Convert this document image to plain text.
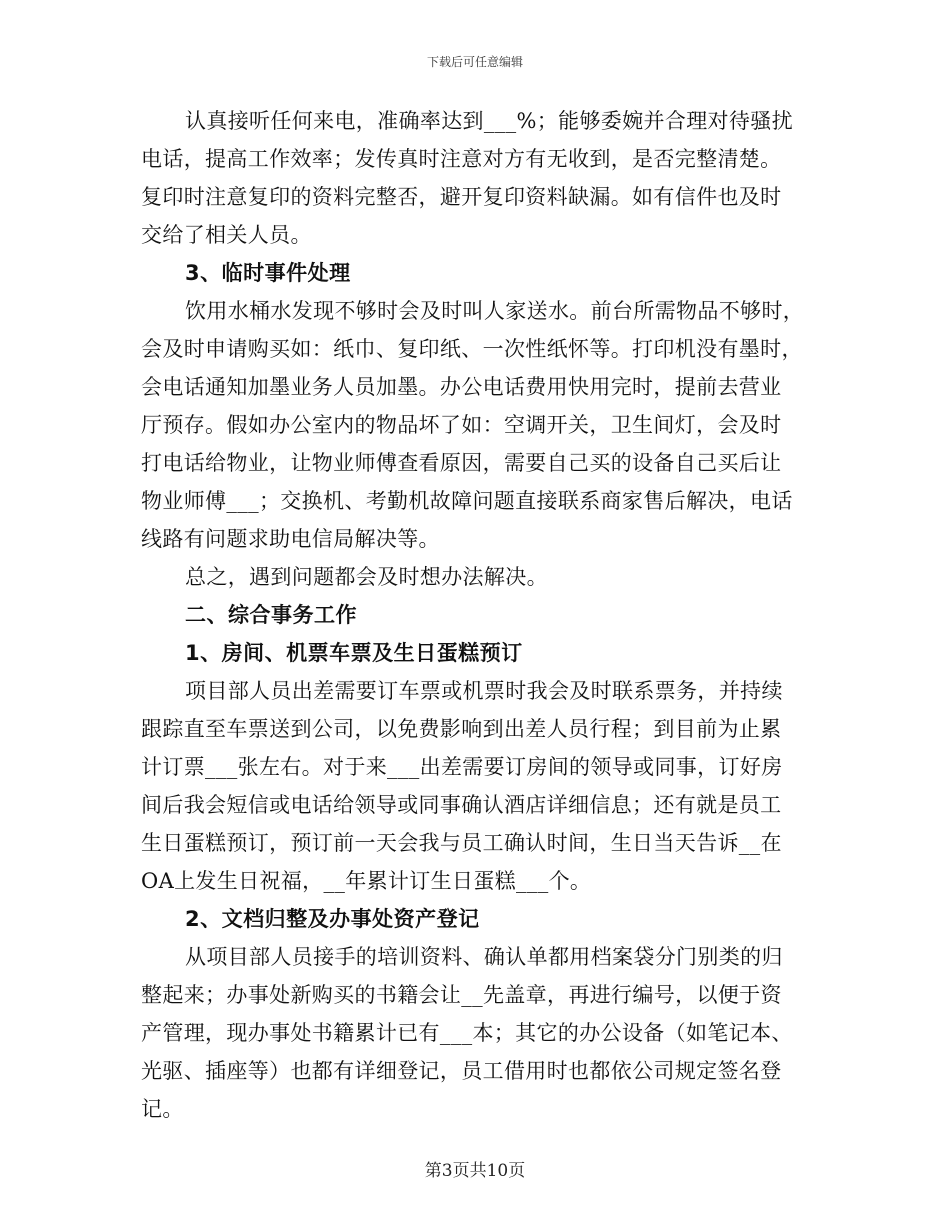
下载后可任意编辑
认真接听任何来电，准确率达到___%；能够委婉并合理对待骚扰
电话，提高工作效率；发传真时注意对方有无收到，是否完整清楚。
复印时注意复印的资料完整否，避开复印资料缺漏。如有信件也及时
交给了相关人员。
3、临时事件处理
饮用水桶水发现不够时会及时叫人家送水。前台所需物品不够时，
会及时申请购买如：纸巾、复印纸、一次性纸怀等。打印机没有墨时，
会电话通知加墨业务人员加墨。办公电话费用快用完时，提前去营业
厅预存。假如办公室内的物品坏了如：空调开关，卫生间灯，会及时
打电话给物业，让物业师傅查看原因，需要自己买的设备自己买后让
物业师傅___；交换机、考勤机故障问题直接联系商家售后解决，电话
线路有问题求助电信局解决等。
总之，遇到问题都会及时想办法解决。
二、综合事务工作
1、房间、机票车票及生日蛋糕预订
项目部人员出差需要订车票或机票时我会及时联系票务，并持续
跟踪直至车票送到公司，以免费影响到出差人员行程；到目前为止累
计订票___张左右。对于来___出差需要订房间的领导或同事，订好房
间后我会短信或电话给领导或同事确认酒店详细信息；还有就是员工
生日蛋糕预订，预订前一天会我与员工确认时间，生日当天告诉__在
OA上发生日祝福，__年累计订生日蛋糕___个。
2、文档归整及办事处资产登记
从项目部人员接手的培训资料、确认单都用档案袋分门别类的归
整起来；办事处新购买的书籍会让__先盖章，再进行编号，以便于资
产管理，现办事处书籍累计已有___本；其它的办公设备（如笔记本、
光驱、插座等）也都有详细登记，员工借用时也都依公司规定签名登
记。
第3页共10页
